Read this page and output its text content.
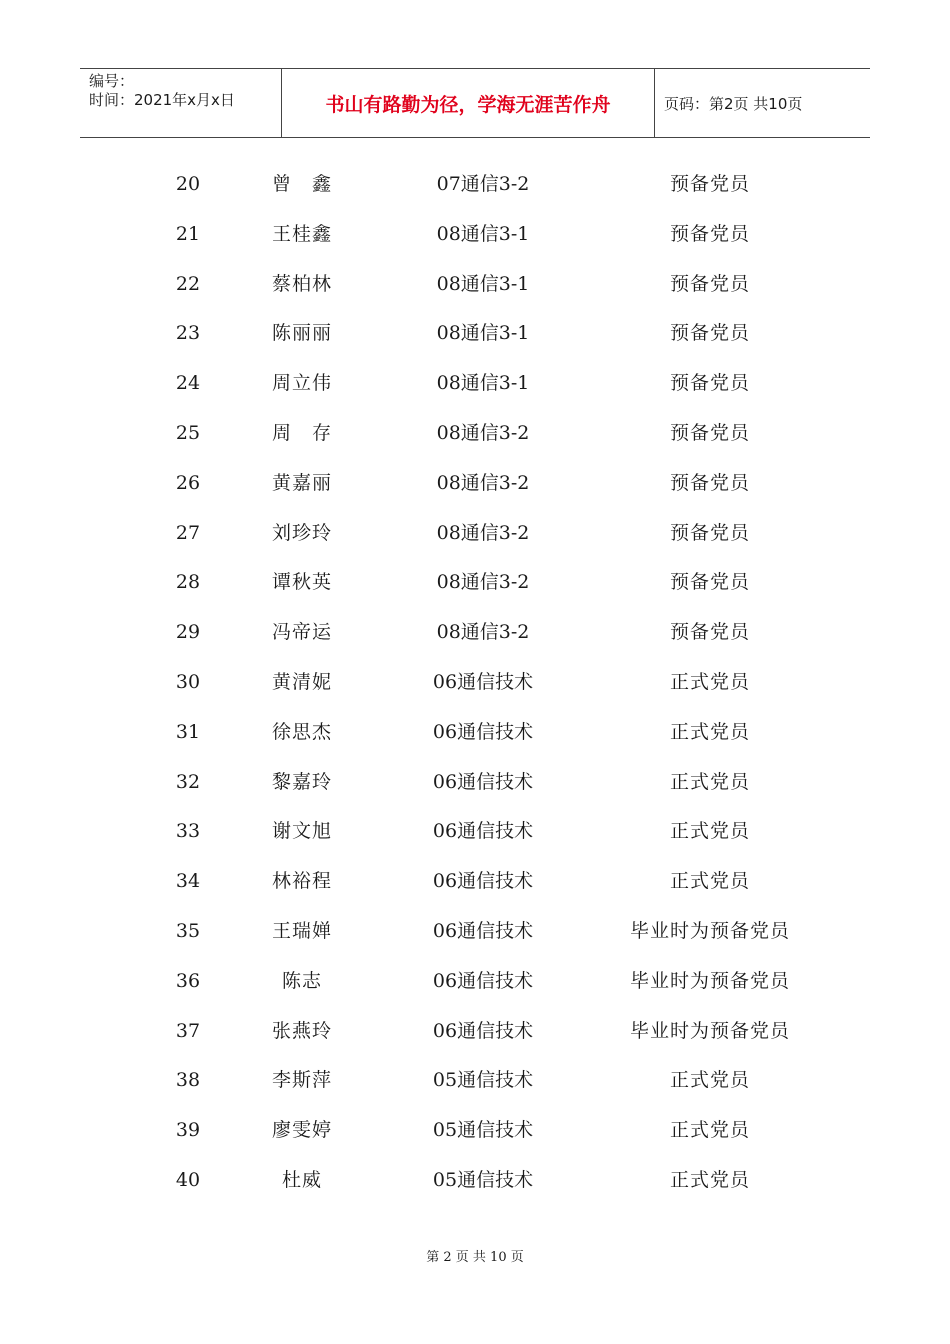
编号：
时间：2021年x月x日	书山有路勤为径，学海无涯苦作舟	页码：第2页 共10页
20	曾　鑫	07通信3-2	预备党员
21	王桂鑫	08通信3-1	预备党员
22	蔡柏林	08通信3-1	预备党员
23	陈丽丽	08通信3-1	预备党员
24	周立伟	08通信3-1	预备党员
25	周　存	08通信3-2	预备党员
26	黄嘉丽	08通信3-2	预备党员
27	刘珍玲	08通信3-2	预备党员
28	谭秋英	08通信3-2	预备党员
29	冯帝运	08通信3-2	预备党员
30	黄清妮	06通信技术	正式党员
31	徐思杰	06通信技术	正式党员
32	黎嘉玲	06通信技术	正式党员
33	谢文旭	06通信技术	正式党员
34	林裕程	06通信技术	正式党员
35	王瑞婵	06通信技术	毕业时为预备党员
36	陈志	06通信技术	毕业时为预备党员
37	张燕玲	06通信技术	毕业时为预备党员
38	李斯萍	05通信技术	正式党员
39	廖雯婷	05通信技术	正式党员
40	杜威	05通信技术	正式党员
第 2 页 共 10 页
